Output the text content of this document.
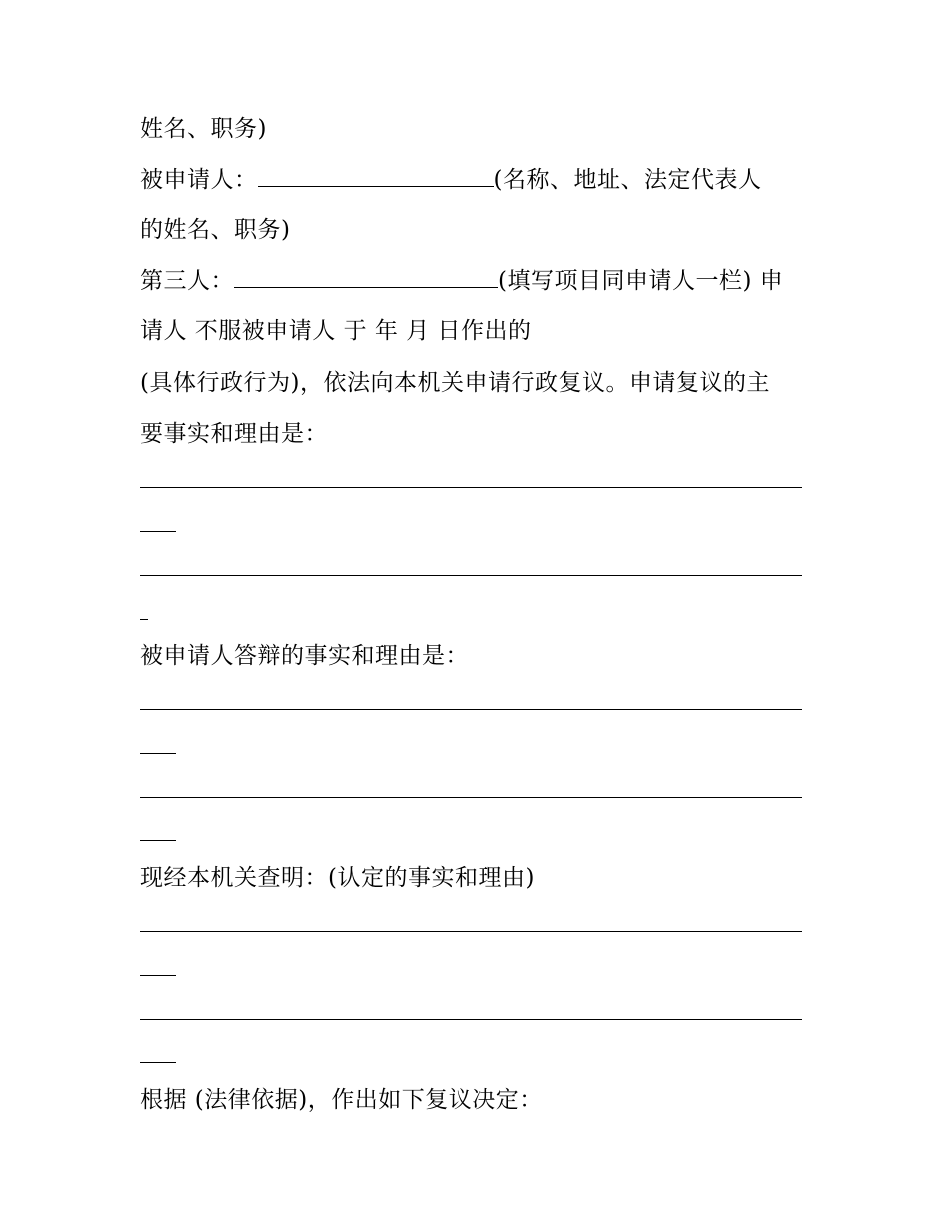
姓名、职务)
被申请人：	(名称、地址、法定代表人
的姓名、职务)
第三人：	(填写项目同申请人一栏) 申
请人 不服被申请人 于 年 月 日作出的
(具体行政行为)，依法向本机关申请行政复议。申请复议的主
要事实和理由是：
被申请人答辩的事实和理由是：
现经本机关查明：(认定的事实和理由)
根据 (法律依据)，作出如下复议决定：
